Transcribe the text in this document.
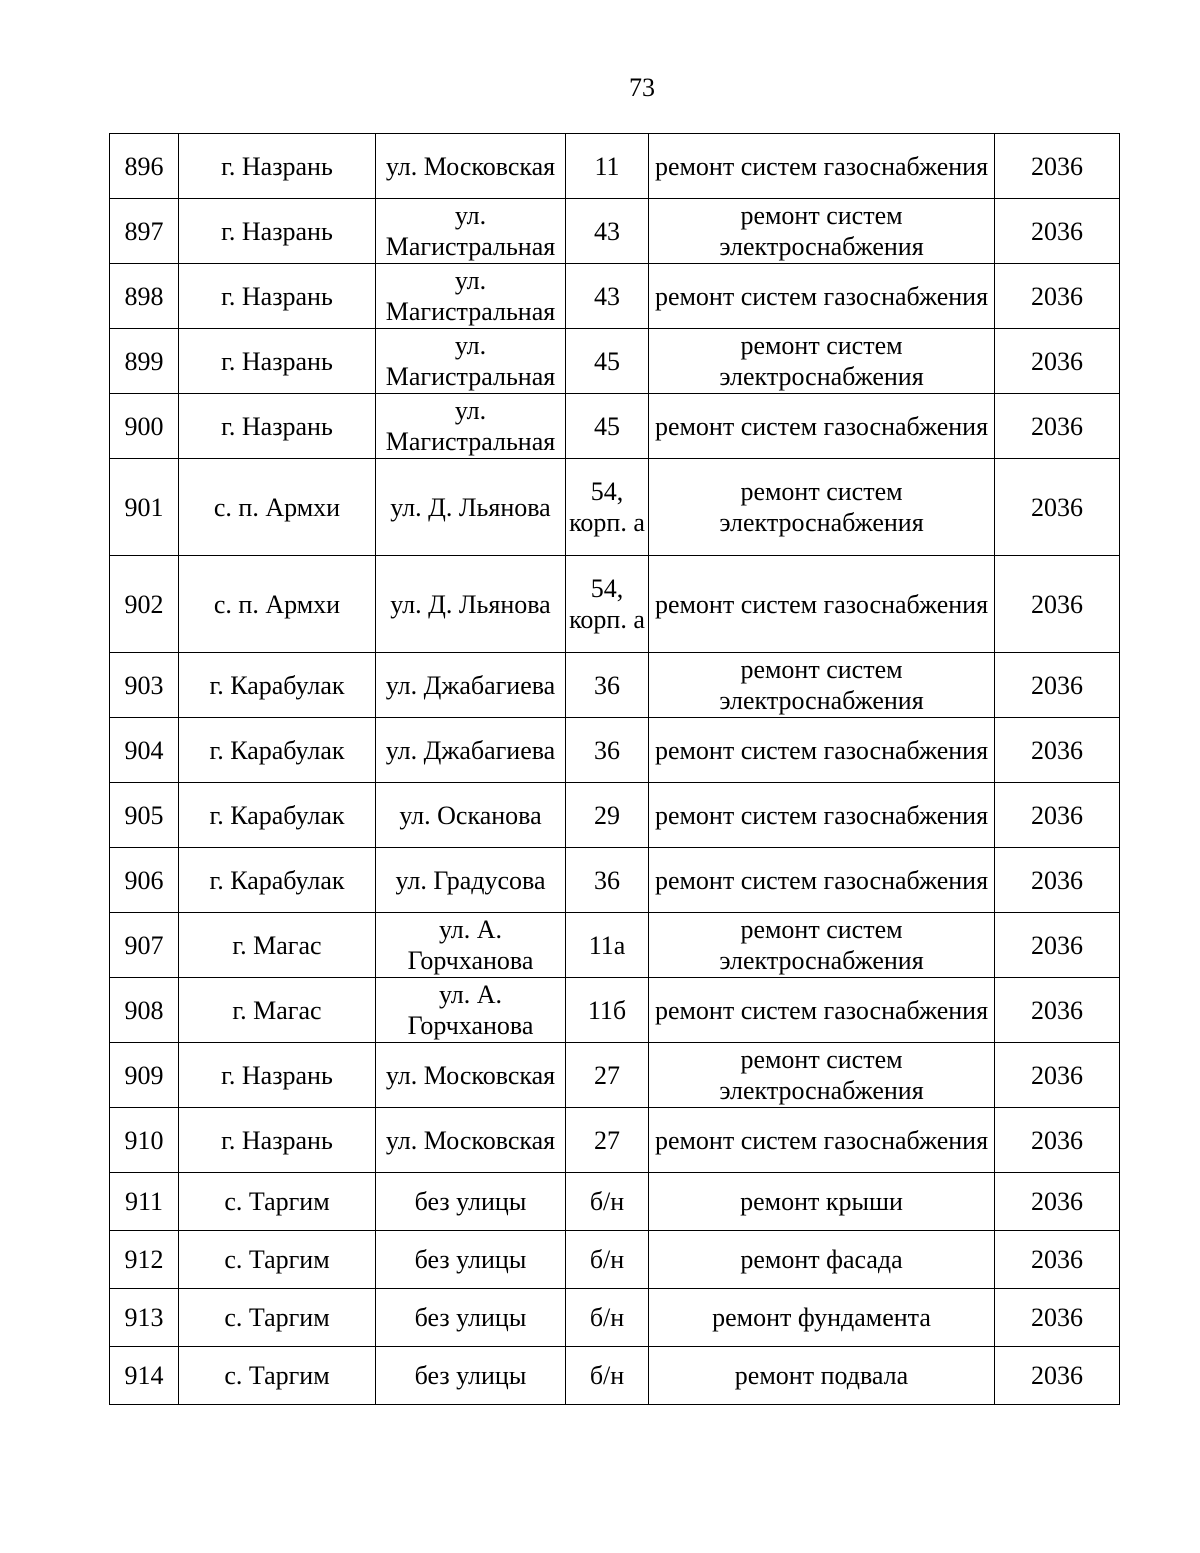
73
896	г. Назрань	ул. Московская	11	ремонт систем газоснабжения	2036
897	г. Назрань	ул. Магистральная	43	ремонт систем электроснабжения	2036
898	г. Назрань	ул. Магистральная	43	ремонт систем газоснабжения	2036
899	г. Назрань	ул. Магистральная	45	ремонт систем электроснабжения	2036
900	г. Назрань	ул. Магистральная	45	ремонт систем газоснабжения	2036
901	с. п. Армхи	ул. Д. Льянова	54, корп. а	ремонт систем электроснабжения	2036
902	с. п. Армхи	ул. Д. Льянова	54, корп. а	ремонт систем газоснабжения	2036
903	г. Карабулак	ул. Джабагиева	36	ремонт систем электроснабжения	2036
904	г. Карабулак	ул. Джабагиева	36	ремонт систем газоснабжения	2036
905	г. Карабулак	ул. Осканова	29	ремонт систем газоснабжения	2036
906	г. Карабулак	ул. Градусова	36	ремонт систем газоснабжения	2036
907	г. Магас	ул. А. Горчханова	11а	ремонт систем электроснабжения	2036
908	г. Магас	ул. А. Горчханова	11б	ремонт систем газоснабжения	2036
909	г. Назрань	ул. Московская	27	ремонт систем электроснабжения	2036
910	г. Назрань	ул. Московская	27	ремонт систем газоснабжения	2036
911	с. Таргим	без улицы	б/н	ремонт крыши	2036
912	с. Таргим	без улицы	б/н	ремонт фасада	2036
913	с. Таргим	без улицы	б/н	ремонт фундамента	2036
914	с. Таргим	без улицы	б/н	ремонт подвала	2036
